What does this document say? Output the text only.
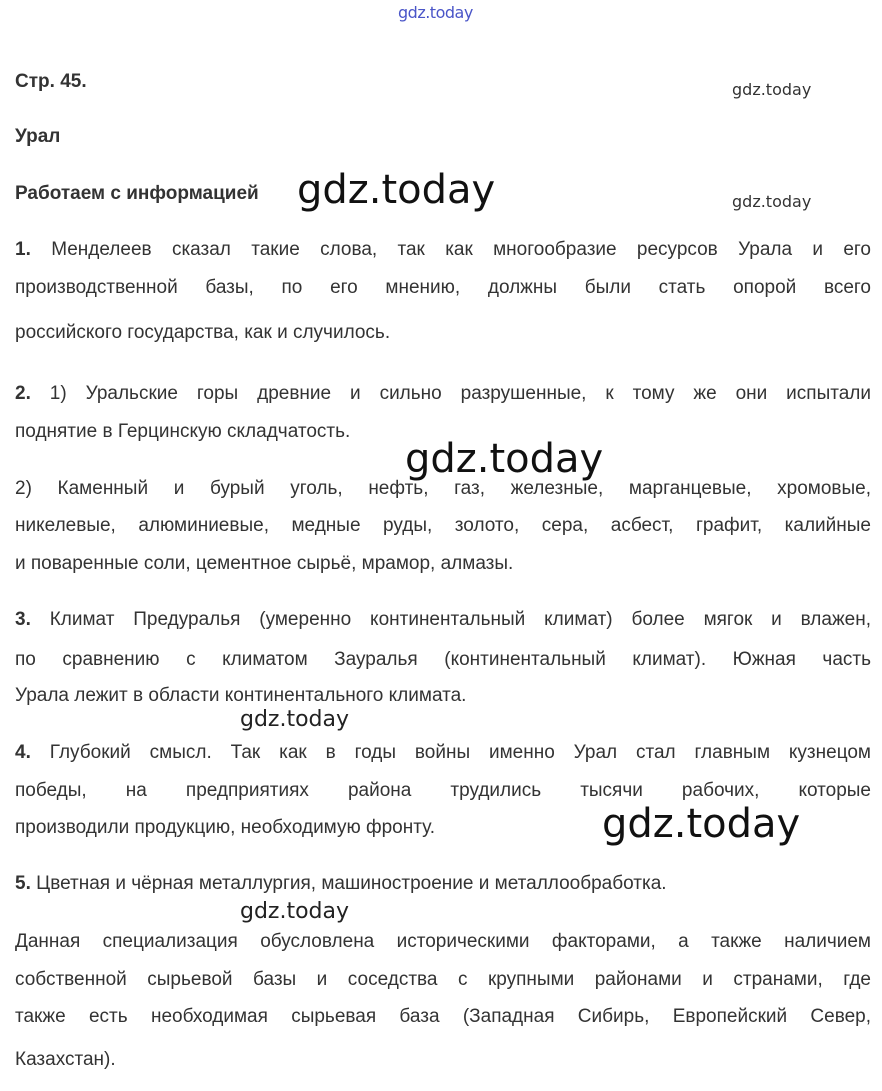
gdz.today
gdz.today
gdz.today
gdz.today
gdz.today
gdz.today
gdz.today
gdz.today
Стр. 45.
Урал
Работаем с информацией
1. Менделеев сказал такие слова, так как многообразие ресурсов Урала и его
производственной базы, по его мнению, должны были стать опорой всего
российского государства, как и случилось.
2. 1) Уральские горы древние и сильно разрушенные, к тому же они испытали
поднятие в Герцинскую складчатость.
2) Каменный и бурый уголь, нефть, газ, железные, марганцевые, хромовые,
никелевые, алюминиевые, медные руды, золото, сера, асбест, графит, калийные
и поваренные соли, цементное сырьё, мрамор, алмазы.
3. Климат Предуралья (умеренно континентальный климат) более мягок и влажен,
по сравнению с климатом Зауралья (континентальный климат). Южная часть
Урала лежит в области континентального климата.
4. Глубокий смысл. Так как в годы войны именно Урал стал главным кузнецом
победы, на предприятиях района трудились тысячи рабочих, которые
производили продукцию, необходимую фронту.
5. Цветная и чёрная металлургия, машиностроение и металлообработка.
Данная специализация обусловлена историческими факторами, а также наличием
собственной сырьевой базы и соседства с крупными районами и странами, где
также есть необходимая сырьевая база (Западная Сибирь, Европейский Север,
Казахстан).
